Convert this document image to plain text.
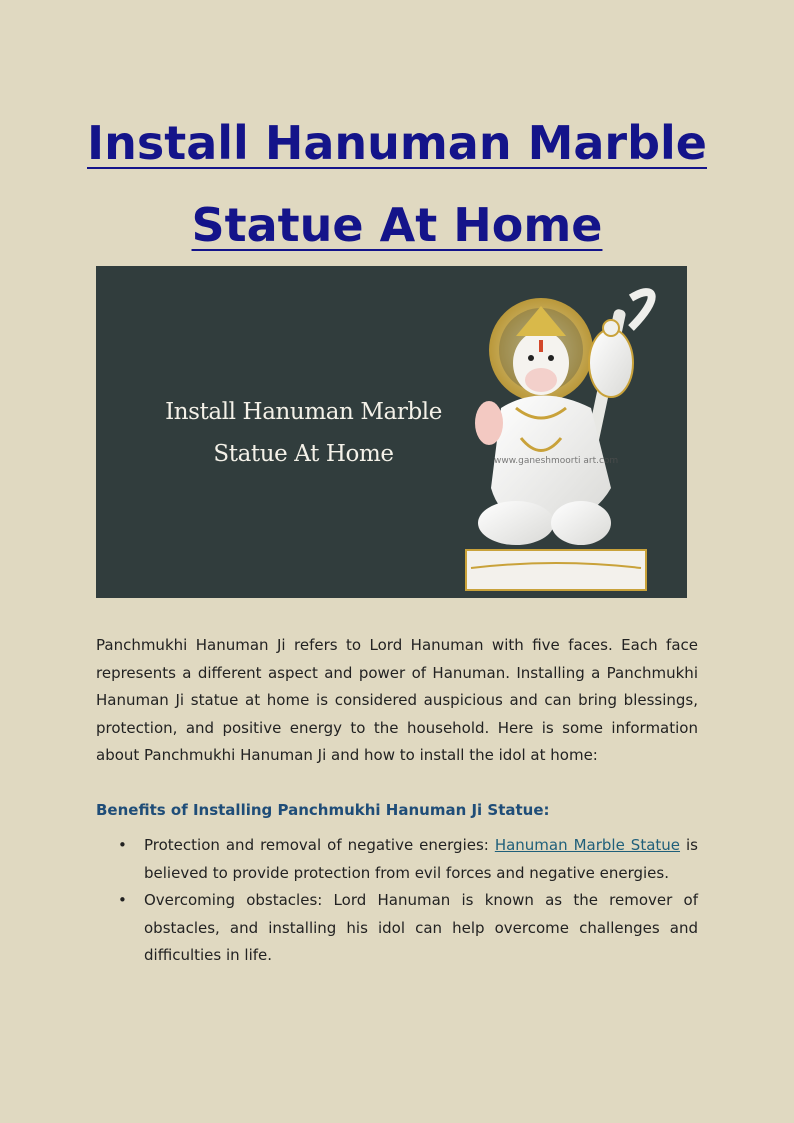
Install Hanuman Marble
Statue At Home
Install Hanuman Marble
Statue At Home	www.ganeshmoorti art.com

Panchmukhi Hanuman Ji refers to Lord Hanuman with five faces. Each face represents a different aspect and power of Hanuman. Installing a Panchmukhi Hanuman Ji statue at home is considered auspicious and can bring blessings, protection, and positive energy to the household. Here is some information about Panchmukhi Hanuman Ji and how to install the idol at home:

Benefits of Installing Panchmukhi Hanuman Ji Statue:
• Protection and removal of negative energies: Hanuman Marble Statue is believed to provide protection from evil forces and negative energies.
• Overcoming obstacles: Lord Hanuman is known as the remover of obstacles, and installing his idol can help overcome challenges and difficulties in life.
